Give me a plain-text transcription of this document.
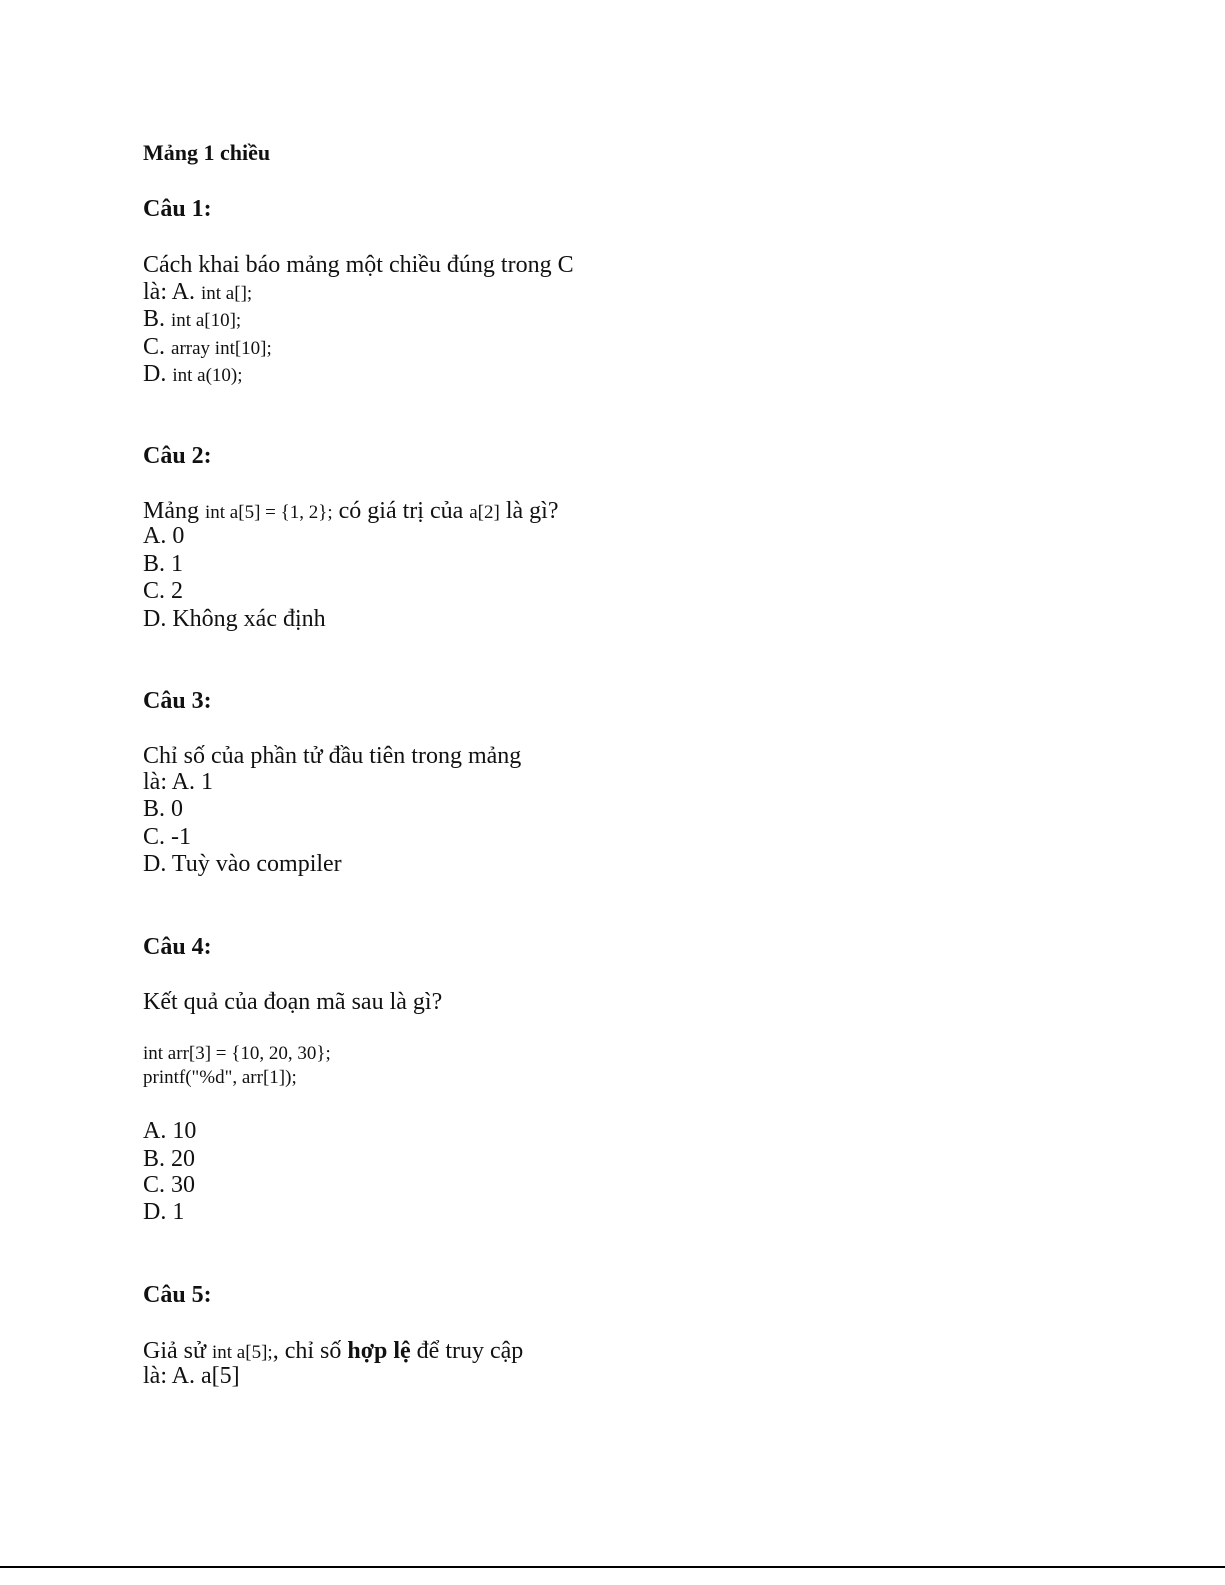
Mảng 1 chiều
Câu 1:
Cách khai báo mảng một chiều đúng trong C
là: A. int a[];
B. int a[10];
C. array int[10];
D. int a(10);
Câu 2:
Mảng int a[5] = {1, 2}; có giá trị của a[2] là gì?
A. 0
B. 1
C. 2
D. Không xác định
Câu 3:
Chỉ số của phần tử đầu tiên trong mảng
là: A. 1
B. 0
C. -1
D. Tuỳ vào compiler
Câu 4:
Kết quả của đoạn mã sau là gì?
int arr[3] = {10, 20, 30};
printf("%d", arr[1]);
A. 10
B. 20
C. 30
D. 1
Câu 5:
Giả sử int a[5];, chỉ số hợp lệ để truy cập
là: A. a[5]
